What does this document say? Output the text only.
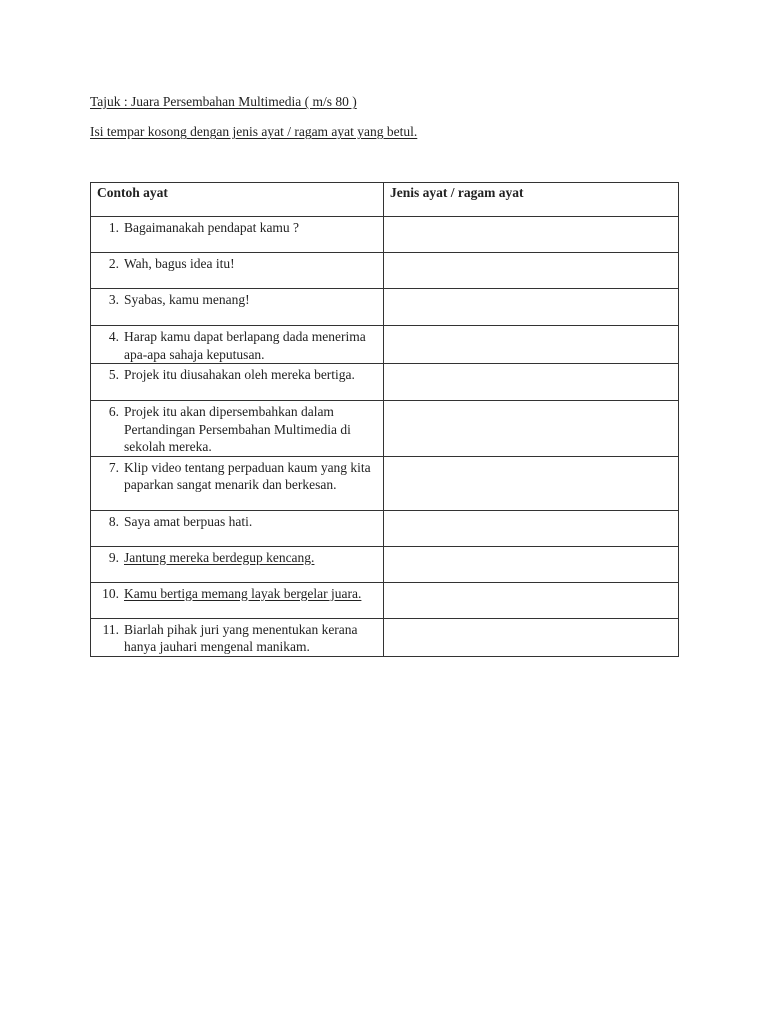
Tajuk : Juara Persembahan Multimedia ( m/s 80 )

Isi tempar kosong dengan jenis ayat / ragam ayat yang betul.

Contoh ayat	Jenis ayat / ragam ayat

1. Bagaimanakah pendapat kamu ?	

2. Wah, bagus idea itu!	

3. Syabas, kamu menang!	

4. Harap kamu dapat berlapang dada menerima apa-apa sahaja keputusan.	

5. Projek itu diusahakan oleh mereka bertiga.	

6. Projek itu akan dipersembahkan dalam Pertandingan Persembahan Multimedia di sekolah mereka.	

7. Klip video tentang perpaduan kaum yang kita paparkan sangat menarik dan berkesan.	

8. Saya amat berpuas hati.	

9. Jantung mereka berdegup kencang.	

10. Kamu bertiga memang layak bergelar juara.	

11. Biarlah pihak juri yang menentukan kerana hanya jauhari mengenal manikam.	
